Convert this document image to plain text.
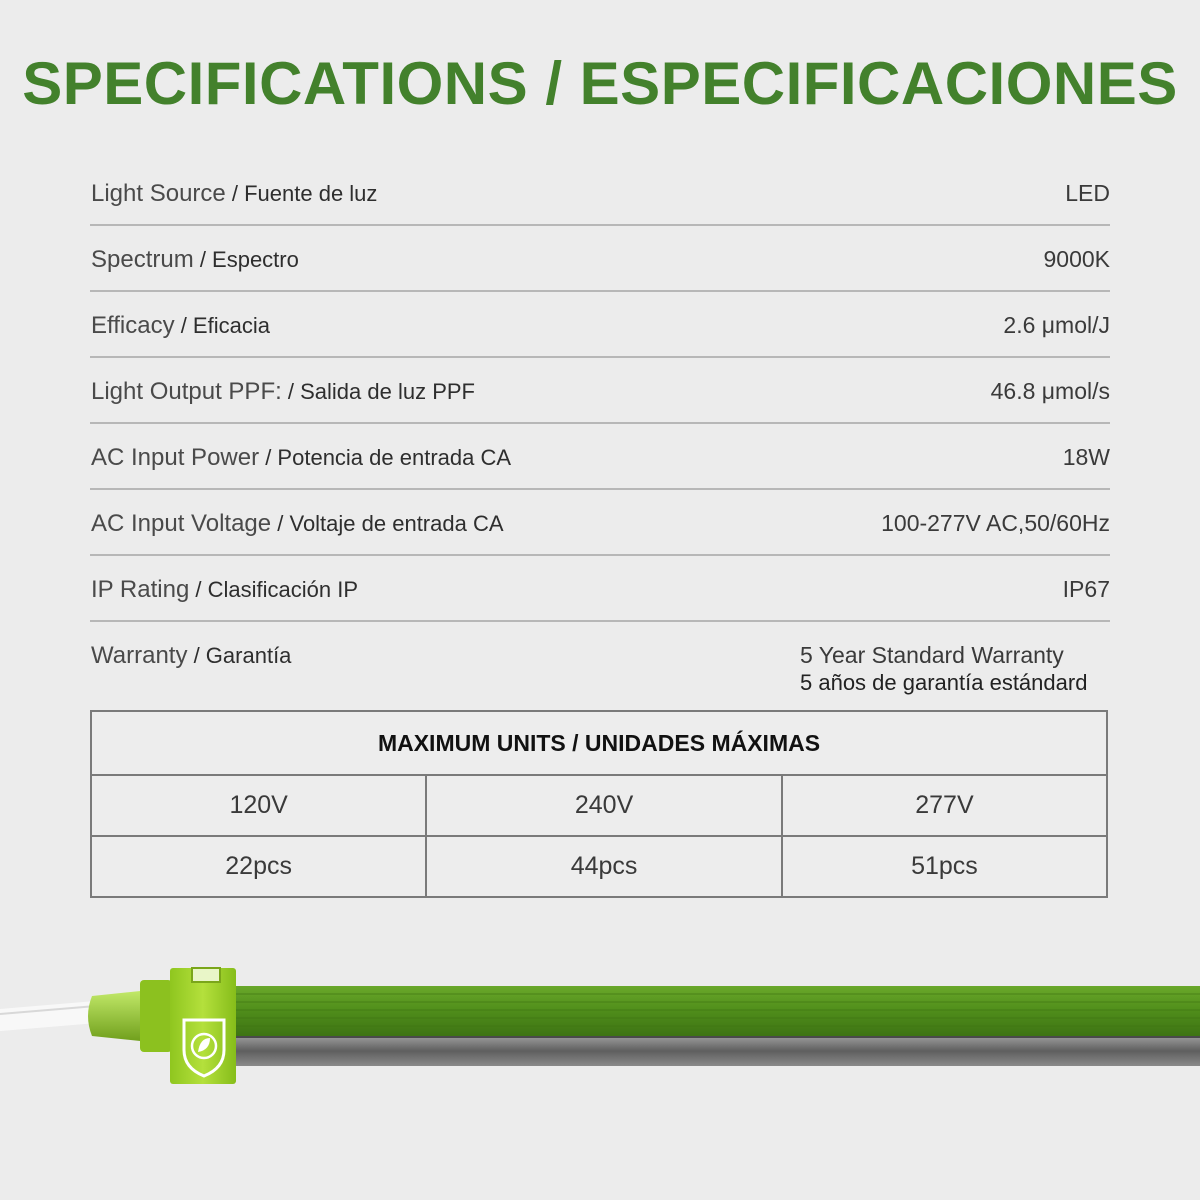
SPECIFICATIONS / ESPECIFICACIONES
Light Source / Fuente de luz	LED
Spectrum / Espectro	9000K
Efficacy / Eficacia	2.6 μmol/J
Light Output PPF: / Salida de luz PPF	46.8 μmol/s
AC Input Power / Potencia de entrada CA	18W
AC Input Voltage / Voltaje de entrada CA	100-277V AC,50/60Hz
IP Rating / Clasificación IP	IP67
Warranty / Garantía	5 Year Standard Warranty
5 años de garantía estándard
MAXIMUM UNITS / UNIDADES MÁXIMAS		
120V	240V	277V
22pcs	44pcs	51pcs
